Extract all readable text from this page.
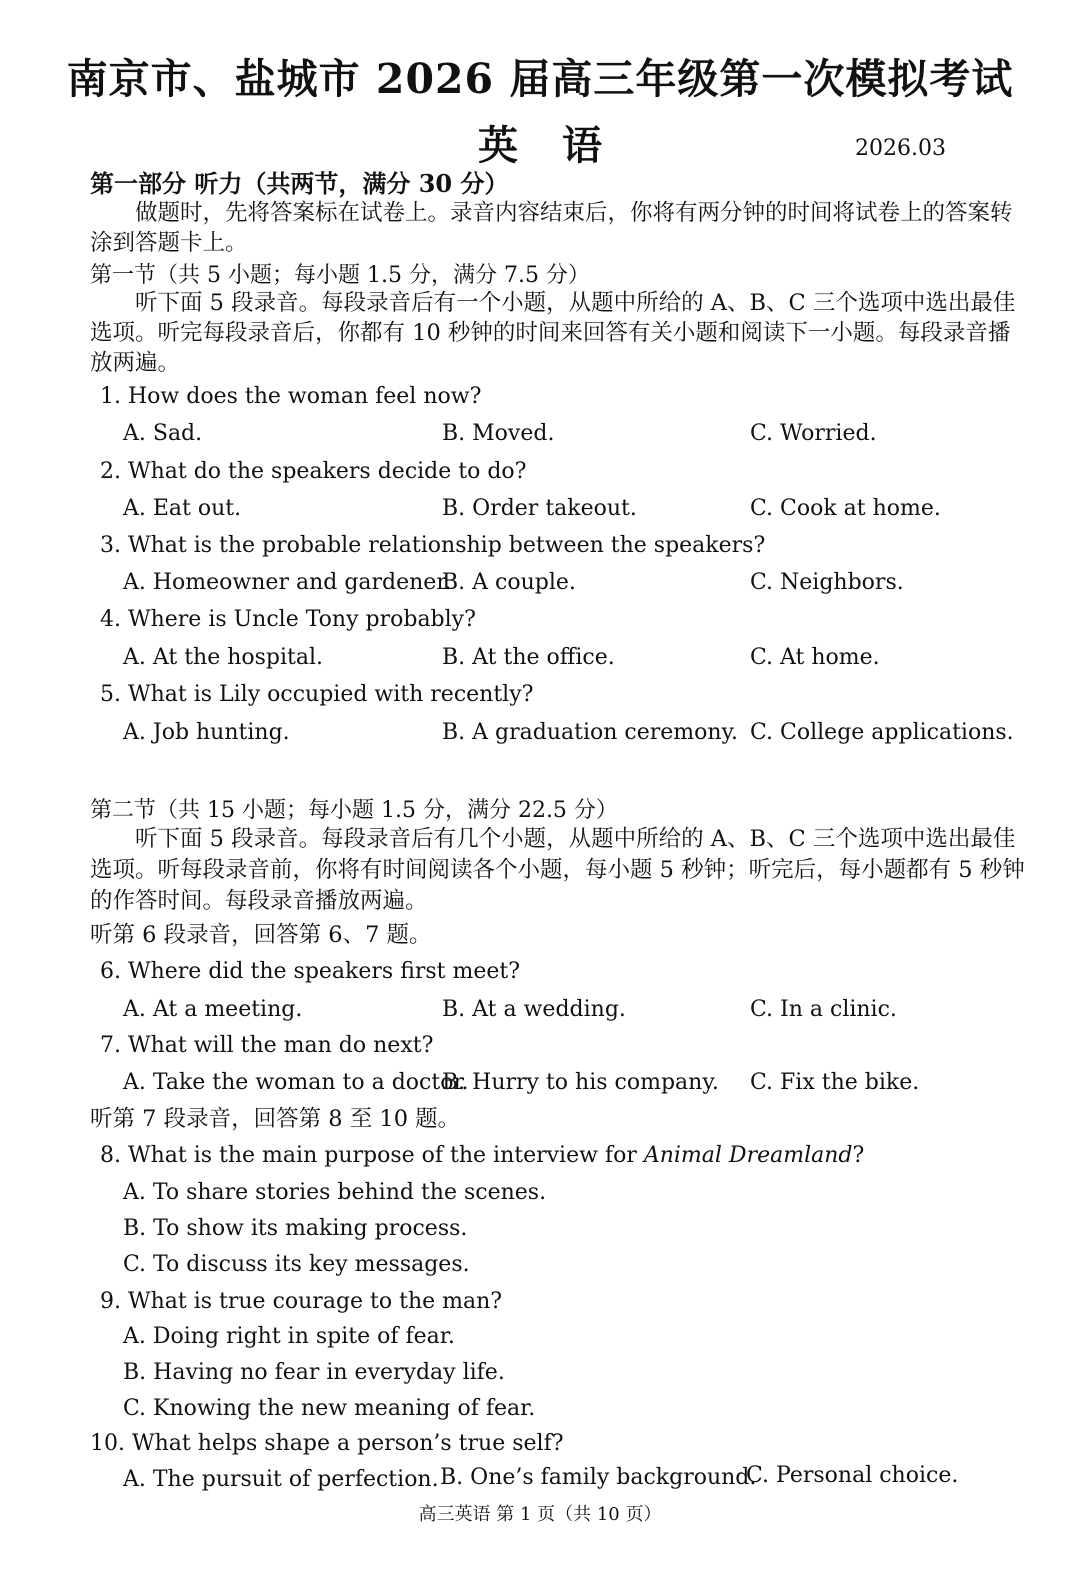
南京市、盐城市 2026 届高三年级第一次模拟考试
英语	2026.03
第一部分 听力（共两节，满分 30 分）
做题时，先将答案标在试卷上。录音内容结束后，你将有两分钟的时间将试卷上的答案转
涂到答题卡上。
第一节（共 5 小题；每小题 1.5 分，满分 7.5 分）
听下面 5 段录音。每段录音后有一个小题，从题中所给的 A、B、C 三个选项中选出最佳
选项。听完每段录音后，你都有 10 秒钟的时间来回答有关小题和阅读下一小题。每段录音播
放两遍。
1. How does the woman feel now?
A. Sad.	B. Moved.	C. Worried.
2. What do the speakers decide to do?
A. Eat out.	B. Order takeout.	C. Cook at home.
3. What is the probable relationship between the speakers?
A. Homeowner and gardener.
B. A couple.	C. Neighbors.
4. Where is Uncle Tony probably?
A. At the hospital.	B. At the office.	C. At home.
5. What is Lily occupied with recently?
A. Job hunting.	B. A graduation ceremony. C. College applications.
第二节（共 15 小题；每小题 1.5 分，满分 22.5 分）
听下面 5 段录音。每段录音后有几个小题，从题中所给的 A、B、C 三个选项中选出最佳
选项。听每段录音前，你将有时间阅读各个小题，每小题 5 秒钟；听完后，每小题都有 5 秒钟
的作答时间。每段录音播放两遍。
听第 6 段录音，回答第 6、7 题。
6. Where did the speakers first meet?
A. At a meeting.	B. At a wedding.	C. In a clinic.
7. What will the man do next?
A. Take the woman to a doctor.
B. Hurry to his company. C. Fix the bike.
听第 7 段录音，回答第 8 至 10 题。
8. What is the main purpose of the interview for Animal Dreamland?
A. To share stories behind the scenes.
B. To show its making process.
C. To discuss its key messages.
9. What is true courage to the man?
A. Doing right in spite of fear.
B. Having no fear in everyday life.
C. Knowing the new meaning of fear.
10. What helps shape a person’s true self?
A. The pursuit of perfection. B. One’s family background.
C. Personal choice.
高三英语 第 1 页（共 10 页）
